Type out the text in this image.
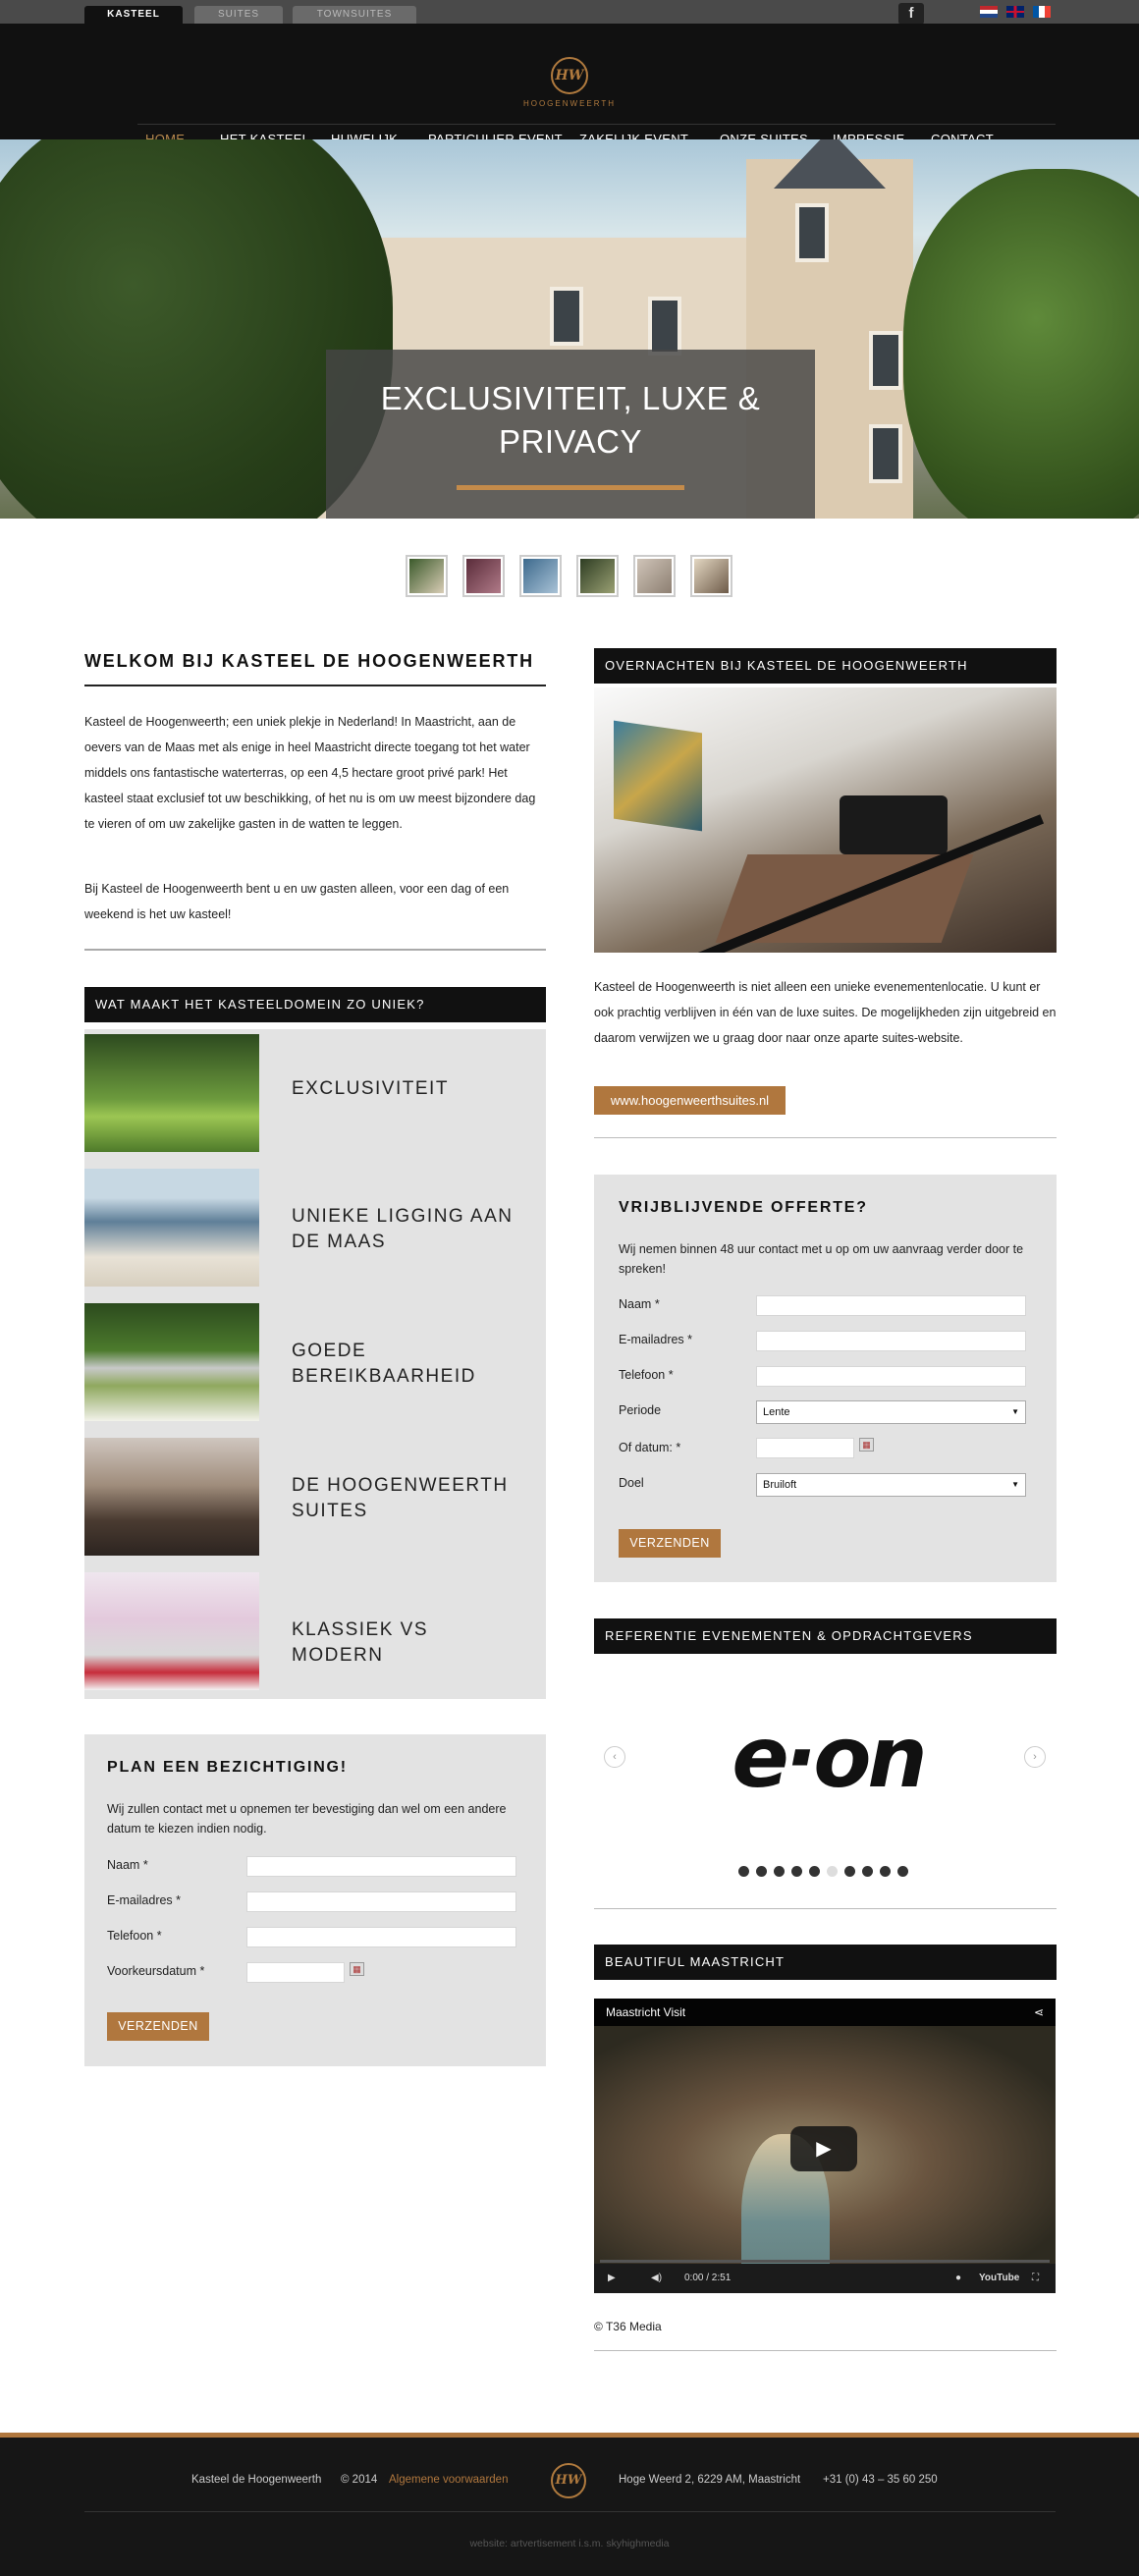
KASTEEL	SUITES	TOWNSUITES	f
HW
HOOGENWEERTH
EXCLUSIVITEIT, LUXE & PRIVACY
WELKOM BIJ KASTEEL DE HOOGENWEERTH

Kasteel de Hoogenweerth; een uniek plekje in Nederland! In Maastricht, aan de oevers van de Maas met als enige in heel Maastricht directe toegang tot het water middels ons fantastische waterterras, op een 4,5 hectare groot privé park! Het kasteel staat exclusief tot uw beschikking, of het nu is om uw meest bijzondere dag te vieren of om uw zakelijke gasten in de watten te leggen.

Bij Kasteel de Hoogenweerth bent u en uw gasten alleen, voor een dag of een weekend is het uw kasteel!

WAT MAAKT HET KASTEELDOMEIN ZO UNIEK?
EXCLUSIVITEIT
UNIEKE LIGGING AAN DE MAAS
GOEDE BEREIKBAARHEID
DE HOOGENWEERTH SUITES
KLASSIEK VS MODERN
PLAN EEN BEZICHTIGING!
Wij zullen contact met u opnemen ter bevestiging dan wel om een andere datum te kiezen indien nodig.
Naam *
E-mailadres *
Telefoon *
Voorkeursdatum *	▦
VERZENDEN
OVERNACHTEN BIJ KASTEEL DE HOOGENWEERTH

Kasteel de Hoogenweerth is niet alleen een unieke evenementenlocatie. U kunt er ook prachtig verblijven in één van de luxe suites. De mogelijkheden zijn uitgebreid en daarom verwijzen we u graag door naar onze aparte suites-website.

www.hoogenweerthsuites.nl
VRIJBLIJVENDE OFFERTE?
Wij nemen binnen 48 uur contact met u op om uw aanvraag verder door te spreken!
Naam *
E-mailadres *
Telefoon *
Periode	Lente ▼
Of datum: *	▦
Doel	Bruiloft ▼
VERZENDEN
REFERENTIE EVENEMENTEN & OPDRACHTGEVERS
‹	e·on	›
BEAUTIFUL MAASTRICHT
Maastricht Visit	⋖
▶
▶	◀) 0:00 / 2:51	● YouTube ⛶
© T36 Media
Kasteel de Hoogenweerth © 2014 Algemene voorwaarden	HW	Hoge Weerd 2, 6229 AM, Maastricht +31 (0) 43 – 35 60 250
website: artvertisement i.s.m. skyhighmedia
